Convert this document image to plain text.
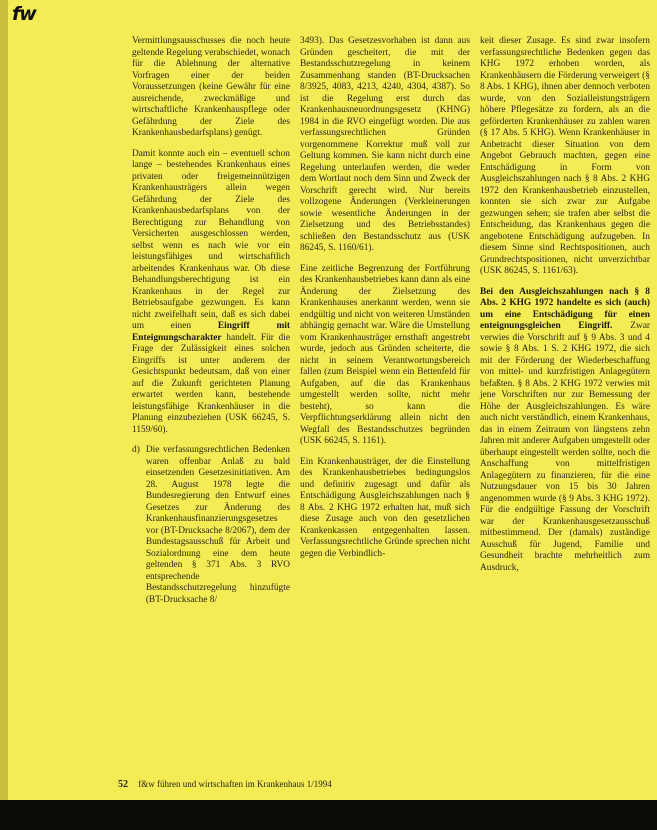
fw

Vermittlungsausschusses die noch heute geltende Regelung verabschiedet, wonach für die Ablehnung der alternative Vorfragen einer der beiden Voraussetzungen (keine Gewähr für eine ausreichende, zweckmäßige und wirtschaftliche Krankenhauspflege oder Gefährdung der Ziele des Krankenhausbedarfsplans) genügt.

Damit konnte auch ein – eventuell schon lange – bestehendes Krankenhaus eines privaten oder freigemeinnützigen Krankenhausträgers allein wegen Gefährdung der Ziele des Krankenhausbedarfsplans von der Berechtigung zur Behandlung von Versicherten ausgeschlossen werden, selbst wenn es nach wie vor ein leistungsfähiges und wirtschaftlich arbeitendes Krankenhaus war. Ob diese Behandlungsberechtigung ist ein Krankenhaus in der Regel zur Betriebsaufgabe gezwungen. Es kann nicht zweifelhaft sein, daß es sich dabei um einen	Eingriff mit Enteignungscharakter handelt. Für die Frage der Zulässigkeit eines solchen Eingriffs ist unter anderem der Gesichtspunkt bedeutsam, daß von einer auf die Zukunft gerichteten Planung erwartet werden kann, bestehende leistungsfähige Krankenhäuser in die Planung einzubeziehen (USK 66245, S. 1159/60).

d) Die verfassungsrechtlichen Bedenken waren offenbar Anlaß zu bald einsetzenden Gesetzesinitiativen. Am 28. August 1978 legte die Bundesregierung den Entwurf eines Gesetzes zur Änderung des Krankenhausfinanzierungsgesetzes vor (BT-Drucksache 8/2067), dem der Bundestagsausschuß für Arbeit und Sozialordnung eine dem heute geltenden § 371 Abs. 3 RVO entsprechende Bestandsschutzregelung hinzufügte (BT-Drucksache 8/

3493). Das Gesetzesvorhaben ist dann aus Gründen gescheitert, die mit der Bestandsschutzregelung in keinem Zusammenhang standen (BT-Drucksachen 8/3925, 4083, 4213, 4240, 4304, 4387). So ist die Regelung erst durch das Krankenhausneuordnungsgesetz (KHNG) 1984 in die RVO eingefügt worden. Die aus verfassungsrechtlichen Gründen vorgenommene Korrektur muß voll zur Geltung kommen. Sie kann nicht durch eine Regelung unterlaufen werden, die weder dem Wortlaut noch dem Sinn und Zweck der Vorschrift gerecht wird. Nur bereits vollzogene Änderungen (Verkleinerungen sowie wesentliche Änderungen in der Zielsetzung und des Betriebsstandes) schließen den Bestandsschutz aus (USK 86245, S. 1160/61).

Eine zeitliche Begrenzung der Fortführung des Krankenhausbetriebes kann dann als eine Änderung der Zielsetzung des Krankenhauses anerkannt werden, wenn sie endgültig und nicht von weiteren Umständen abhängig gemacht war. Wäre die Umstellung vom Krankenhausträger ernsthaft angestrebt wurde, jedoch aus Gründen scheiterte, die nicht in seinem Verantwortungsbereich fallen (zum Beispiel wenn ein Bettenfeld für Aufgaben, auf die das Krankenhaus umgestellt werden sollte, nicht mehr besteht), so kann die Verpflichtungserklärung allein nicht den Wegfall des Bestandsschutzes begründen (USK 66245, S. 1161).

Ein Krankenhausträger, der die Einstellung des Krankenhausbetriebes bedingungslos und definitiv zugesagt und dafür als Entschädigung Ausgleichszahlungen nach § 8 Abs. 2 KHG 1972 erhalten hat, muß sich diese Zusage auch von den gesetzlichen Krankenkassen entgegenhalten lassen. Verfassungsrechtliche Gründe sprechen nicht gegen die Verbindlich-

keit dieser Zusage. Es sind zwar insofern verfassungsrechtliche Bedenken gegen das KHG 1972 erhoben worden, als Krankenhäusern die Förderung verweigert (§ 8 Abs. 1 KHG), ihnen aber dennoch verboten wurde, von den Sozialleistungsträgern höhere Pflegesätze zu fordern, als an die geförderten Krankenhäuser zu zahlen waren (§ 17 Abs. 5 KHG). Wenn Krankenhäuser in Anbetracht dieser Situation von dem Angebot Gebrauch machten, gegen eine Entschädigung in Form von Ausgleichszahlungen nach § 8 Abs. 2 KHG 1972 den Krankenhausbetrieb einzustellen, konnten sie sich zwar zur Aufgabe gezwungen sehen; sie trafen aber selbst die Entscheidung, das Krankenhaus gegen die angebotene Entschädigung aufzugeben. In diesem Sinne sind Rechtspositionen, auch Grundrechtspositionen, nicht unverzichtbar (USK 86245, S. 1161/63).

Bei den Ausgleichszahlungen nach § 8 Abs. 2 KHG 1972 handelte es sich (auch) um eine Entschädigung für einen enteignungsgleichen Eingriff. Zwar verwies die Vorschrift auf § 9 Abs. 3 und 4 sowie § 8 Abs. 1 S. 2 KHG 1972, die sich mit der Förderung der Wiederbeschaffung von mittel- und kurzfristigen Anlagegütern befaßten. § 8 Abs. 2 KHG 1972 verwies mit jene Vorschriften nur zur Bemessung der Höhe der Ausgleichszahlungen. Es wäre auch nicht verständlich, einem Krankenhaus, das in einem Zeitraum von längstens zehn Jahren mit anderer Aufgaben umgestellt oder überhaupt eingestellt werden sollte, noch die Anschaffung von mittelfristigen Anlagegütern zu finanzieren, für die eine Nutzungsdauer von 15 bis 30 Jahren angenommen wurde (§ 9 Abs. 3 KHG 1972). Für die endgültige Fassung der Vorschrift war der Krankenhausgesetzausschuß mitbestimmend. Der (damals) zuständige Ausschuß für Jugend, Familie und Gesundheit brachte mehrheitlich zum Ausdruck,

52 f&w führen und wirtschaften im Krankenhaus 1/1994
